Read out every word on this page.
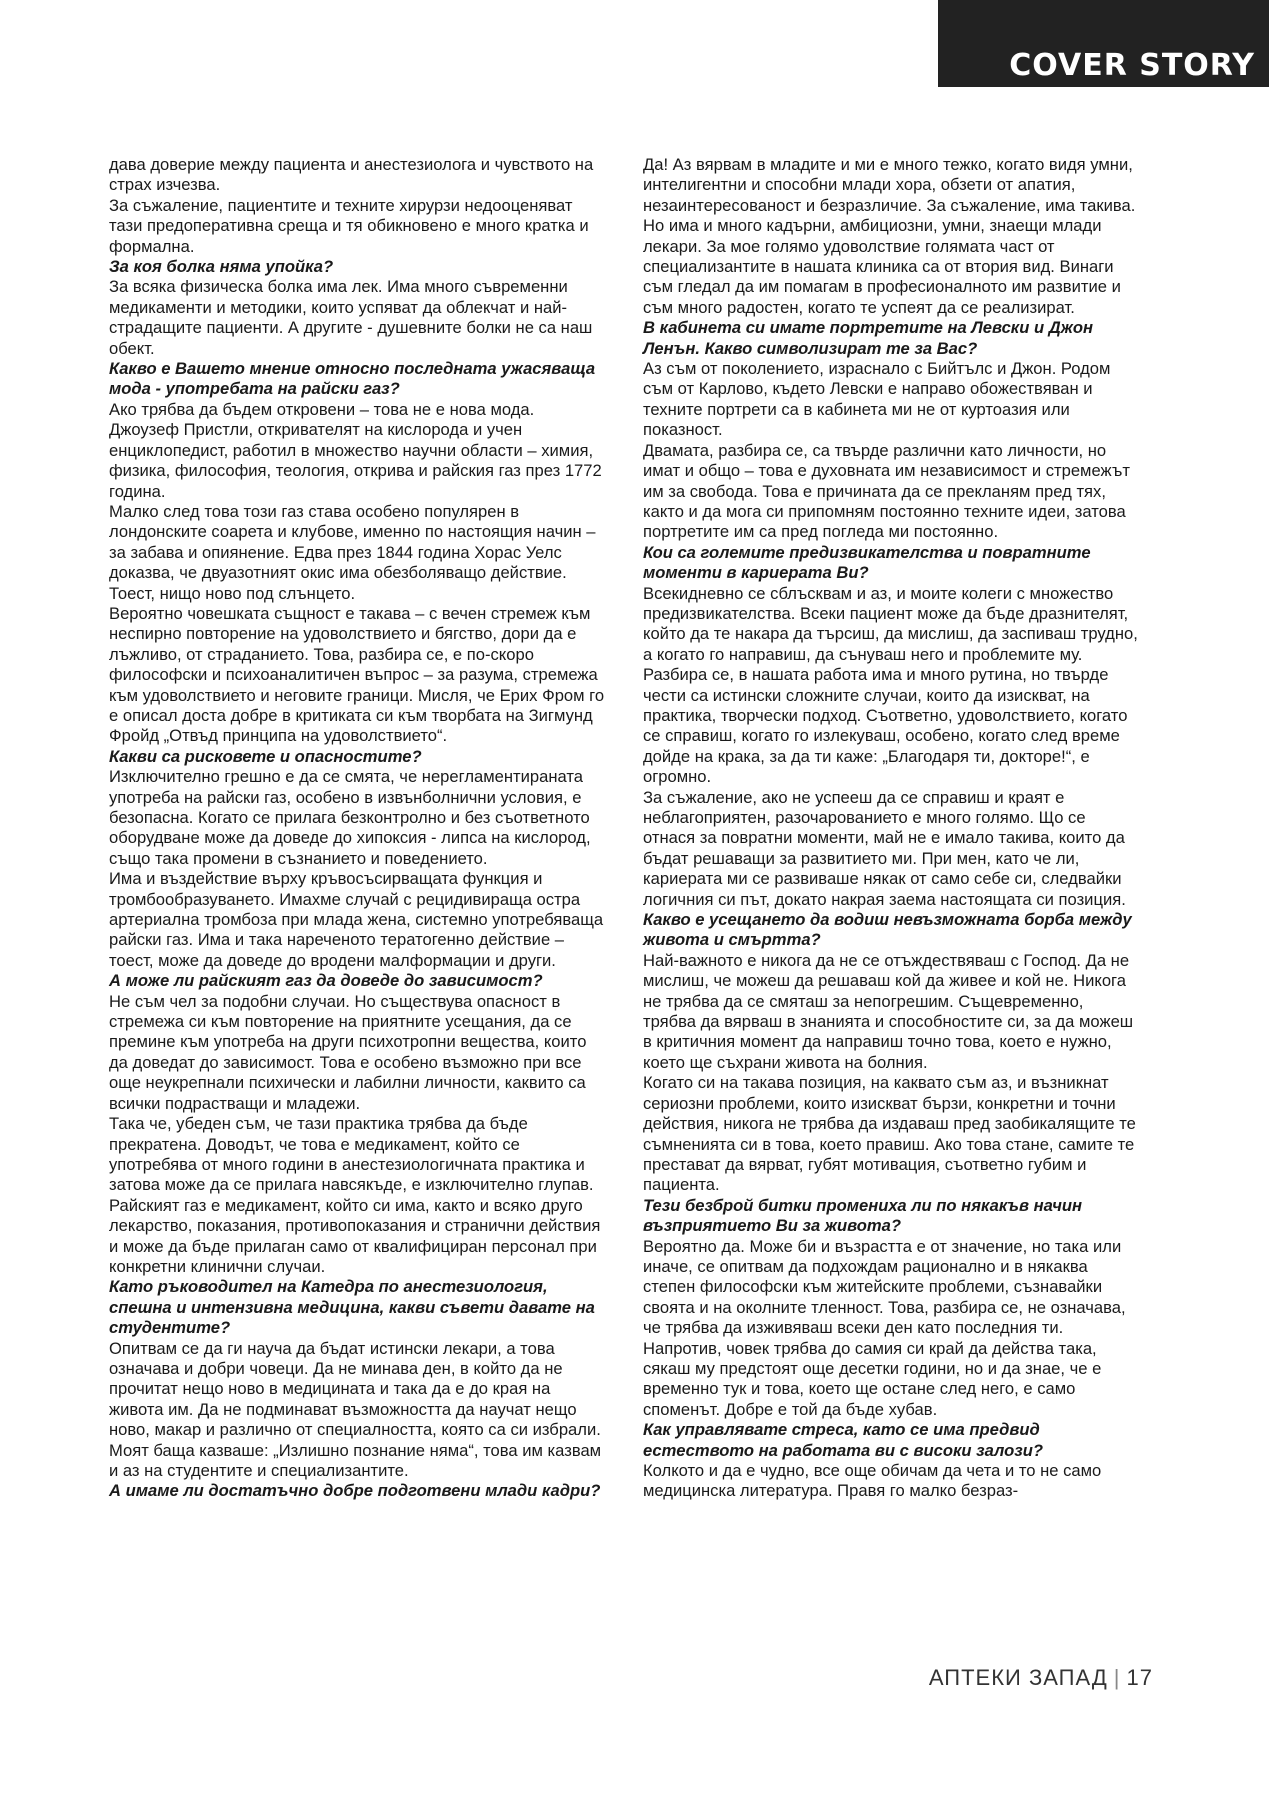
COVER STORY

дава доверие между пациента и анестезиолога и чувството на страх изчезва.

За съжаление, пациентите и техните хирурзи недооценяват тази предоперативна среща и тя обикновено е много кратка и формална.

За коя болка няма упойка?

За всяка физическа болка има лек. Има много съвременни медикаменти и методики, които успяват да облекчат и най-страдащите пациенти. А другите - душевните болки не са наш обект.

Какво е Вашето мнение относно последната ужасяваща мода - употребата на райски газ?

Ако трябва да бъдем откровени – това не е нова мода. Джоузеф Пристли, откривателят на кислорода и учен енциклопедист, работил в множество научни области – химия, физика, философия, теология, открива и райския газ през 1772 година.

Малко след това този газ става особено популярен в лондонските соарета и клубове, именно по настоящия начин – за забава и опиянение. Едва през 1844 година Хорас Уелс доказва, че двуазотният окис има обезболяващо действие. Тоест, нищо ново под слънцето.

Вероятно човешката същност е такава – с вечен стремеж към неспирно повторение на удоволствието и бягство, дори да е лъжливо, от страданието. Това, разбира се, е по-скоро философски и психоаналитичен въпрос – за разума, стремежа към удоволствието и неговите граници. Мисля, че Ерих Фром го е описал доста добре в критиката си към творбата на Зигмунд Фройд „Отвъд принципа на удоволствието“.

Какви са рисковете и опасностите?

Изключително грешно е да се смята, че нерегламентираната употреба на райски газ, особено в извънболнични условия, е безопасна. Когато се прилага безконтролно и без съответното оборудване може да доведе до хипоксия - липса на кислород, също така промени в съзнанието и поведението.

Има и въздействие върху кръвосъсирващата функция и тромбообразуването. Имахме случай с рецидивираща остра артериална тромбоза при млада жена, системно употребяваща райски газ. Има и така нареченото тератогенно действие – тоест, може да доведе до вродени малформации и други.

А може ли райският газ да доведе до зависимост?

Не съм чел за подобни случаи. Но съществува опасност в стремежа си към повторение на приятните усещания, да се премине към употреба на други психотропни вещества, които да доведат до зависимост. Това е особено възможно при все още неукрепнали психически и лабилни личности, каквито са всички подрастващи и младежи.

Така че, убеден съм, че тази практика трябва да бъде прекратена. Доводът, че това е медикамент, който се употребява от много години в анестезиологичната практика и затова може да се прилага навсякъде, е изключително глупав.

Райският газ е медикамент, който си има, както и всяко друго лекарство, показания, противопоказания и странични действия и може да бъде прилаган само от квалифициран персонал при конкретни клинични случаи.

Като ръководител на Катедра по анестезиология, спешна и интензивна медицина, какви съвети давате на студентите?

Опитвам се да ги науча да бъдат истински лекари, а това означава и добри човеци. Да не минава ден, в който да не прочитат нещо ново в медицината и така да е до края на живота им. Да не подминават възможността да научат нещо ново, макар и различно от специалността, която са си избрали. Моят баща казваше: „Излишно познание няма“, това им казвам и аз на студентите и специализантите.

А имаме ли достатъчно добре подготвени млади кадри?

Да! Аз вярвам в младите и ми е много тежко, когато видя умни, интелигентни и способни млади хора, обзети от апатия, незаинтересованост и безразличие. За съжаление, има такива. Но има и много кадърни, амбициозни, умни, знаещи млади лекари. За мое голямо удоволствие голямата част от специализантите в нашата клиника са от втория вид. Винаги съм гледал да им помагам в професионалното им развитие и съм много радостен, когато те успеят да се реализират.

В кабинета си имате портретите на Левски и Джон Ленън. Какво символизират те за Вас?

Аз съм от поколението, израснало с Бийтълс и Джон. Родом съм от Карлово, където Левски е направо обожествяван и техните портрети са в кабинета ми не от куртоазия или показност.

Двамата, разбира се, са твърде различни като личности, но имат и общо – това е духовната им независимост и стремежът им за свобода. Това е причината да се прекланям пред тях, както и да мога си припомням постоянно техните идеи, затова портретите им са пред погледа ми постоянно.

Кои са големите предизвикателства и повратните моменти в кариерата Ви?

Всекидневно се сблъсквам и аз, и моите колеги с множество предизвикателства. Всеки пациент може да бъде дразнителят, който да те накара да търсиш, да мислиш, да заспиваш трудно, а когато го направиш, да сънуваш него и проблемите му.

Разбира се, в нашата работа има и много рутина, но твърде чести са истински сложните случаи, които да изискват, на практика, творчески подход. Съответно, удоволствието, когато се справиш, когато го излекуваш, особено, когато след време дойде на крака, за да ти каже: „Благодаря ти, докторе!“, е огромно.

За съжаление, ако не успееш да се справиш и краят е неблагоприятен, разочарованието е много голямо. Що се отнася за повратни моменти, май не е имало такива, които да бъдат решаващи за развитието ми. При мен, като че ли, кариерата ми се развиваше някак от само себе си, следвайки логичния си път, докато накрая заема настоящата си позиция.

Какво е усещането да водиш невъзможната борба между живота и смъртта?

Най-важното е никога да не се отъждествяваш с Господ. Да не мислиш, че можеш да решаваш кой да живее и кой не. Никога не трябва да се смяташ за непогрешим. Същевременно, трябва да вярваш в знанията и способностите си, за да можеш в критичния момент да направиш точно това, което е нужно, което ще съхрани живота на болния.

Когато си на такава позиция, на каквато съм аз, и възникнат сериозни проблеми, които изискват бързи, конкретни и точни действия, никога не трябва да издаваш пред заобикалящите те съмненията си в това, което правиш. Ако това стане, самите те престават да вярват, губят мотивация, съответно губим и пациента.

Тези безброй битки промениха ли по някакъв начин възприятието Ви за живота?

Вероятно да. Може би и възрастта е от значение, но така или иначе, се опитвам да подхождам рационално и в някаква степен философски към житейските проблеми, съзнавайки своята и на околните тленност. Това, разбира се, не означава, че трябва да изживяваш всеки ден като последния ти. Напротив, човек трябва до самия си край да действа така, сякаш му предстоят още десетки години, но и да знае, че е временно тук и това, което ще остане след него, е само споменът. Добре е той да бъде хубав.

Как управлявате стреса, като се има предвид естеството на работата ви с високи залози?

Колкото и да е чудно, все още обичам да чета и то не само медицинска литература. Правя го малко безраз-

АПТЕКИ ЗАПАД | 17
